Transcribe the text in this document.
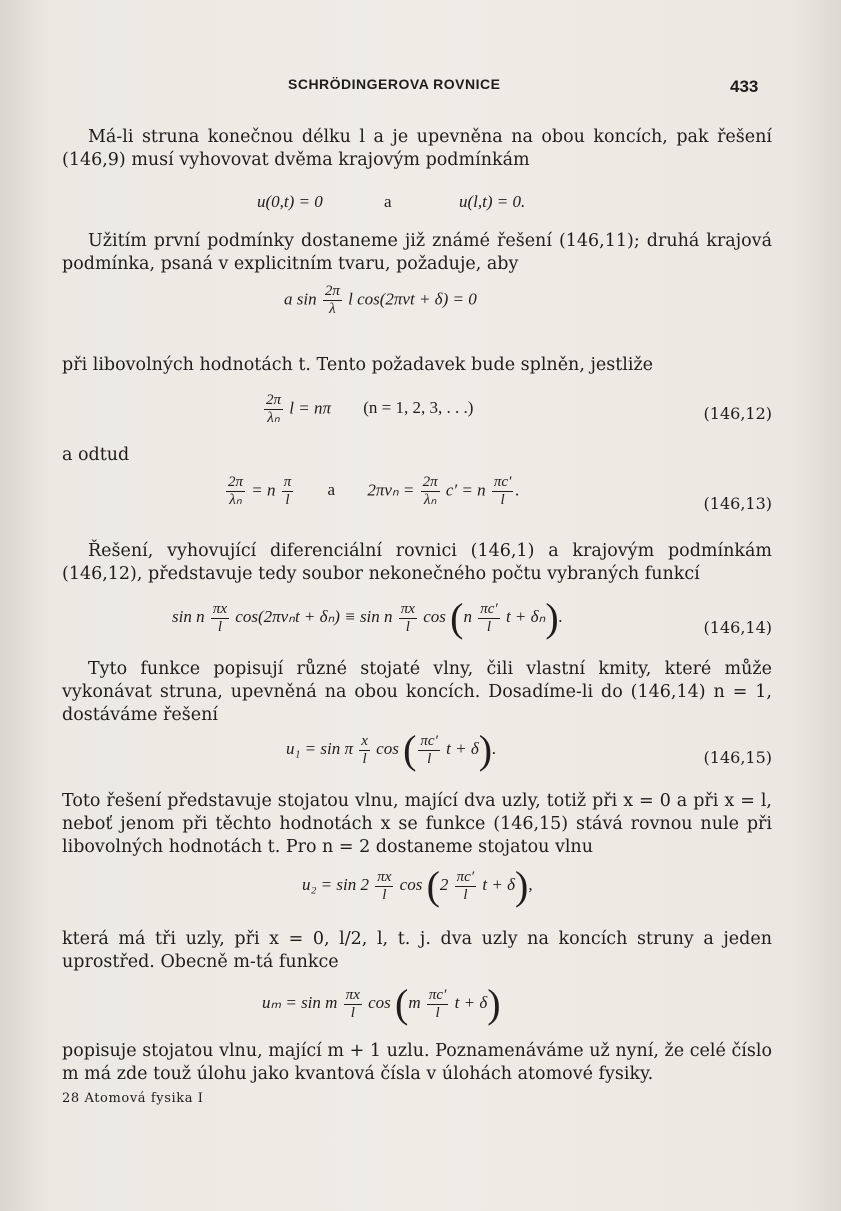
SCHRÖDINGEROVA ROVNICE	433
Má-li struna konečnou délku l a je upevněna na obou koncích, pak řešení (146,9) musí vyhovovat dvěma krajovým podmínkám
u(0,t) = 0	a	u(l,t) = 0.
Užitím první podmínky dostaneme již známé řešení (146,11); druhá krajová podmínka, psaná v explicitním tvaru, požaduje, aby
a $\sin \frac{2\pi}{\lambda}$ l cos(2πνt + δ) = 0
při libovolných hodnotách t. Tento požadavek bude splněn, jestliže
$\frac{2\pi}{\text{λₙ}}$ l = nπ (n = 1, 2, 3, . . .)	(146,12)
a odtud
$\frac{2\pi}{\text{λₙ}} = n \frac{\pi}{l}$ a $2\pi\nu_n = \frac{2\pi}{\text{λₙ}} c' = n \frac{\pi c'}{l}$ .
(146,13)
Řešení, vyhovující diferenciální rovnici (146,1) a krajovým podmínkám (146,12), představuje tedy soubor nekonečného počtu vybraných funkcí
sin n $\frac{\pi x}{l} \cos(2\pi\nu_nt + \delta_n) \equiv \sin n \frac{\pi x}{l}$ $\cos (n \frac{\pi c'}{l}$ t + δₙ).
(146,14)
Tyto funkce popisují různé stojaté vlny, čili vlastní kmity, které může vykonávat struna, upevněná na obou koncích. Dosadíme-li do (146,14) n = 1, dostáváme řešení
u₁ = sin π $\frac{x}{l}$ cos ( $\frac{\pi c'}{l}$ t + δ).	(146,15)
Toto řešení představuje stojatou vlnu, mající dva uzly, totiž při x = 0 a při x = l, neboť jenom při těchto hodnotách x se funkce (146,15) stává rovnou nule při libovolných hodnotách t. Pro n = 2 dostaneme stojatou vlnu
$u_2 = \sin 2 \frac{\pi x}{l}$ $\cos (2 \frac{\pi c'}{l}$ t + δ),
která má tři uzly, při x = 0, l/2, l, t. j. dva uzly na koncích struny a jeden uprostřed. Obecně m-tá funkce
uₘ = sin m $\frac{\pi x}{l}$ $\cos (m \frac{\pi c'}{l}$ t + δ)
popisuje stojatou vlnu, mající m + 1 uzlu. Poznamenáváme už nyní, že celé číslo m má zde touž úlohu jako kvantová čísla v úlohách atomové fysiky.
28 Atomová fysika I
